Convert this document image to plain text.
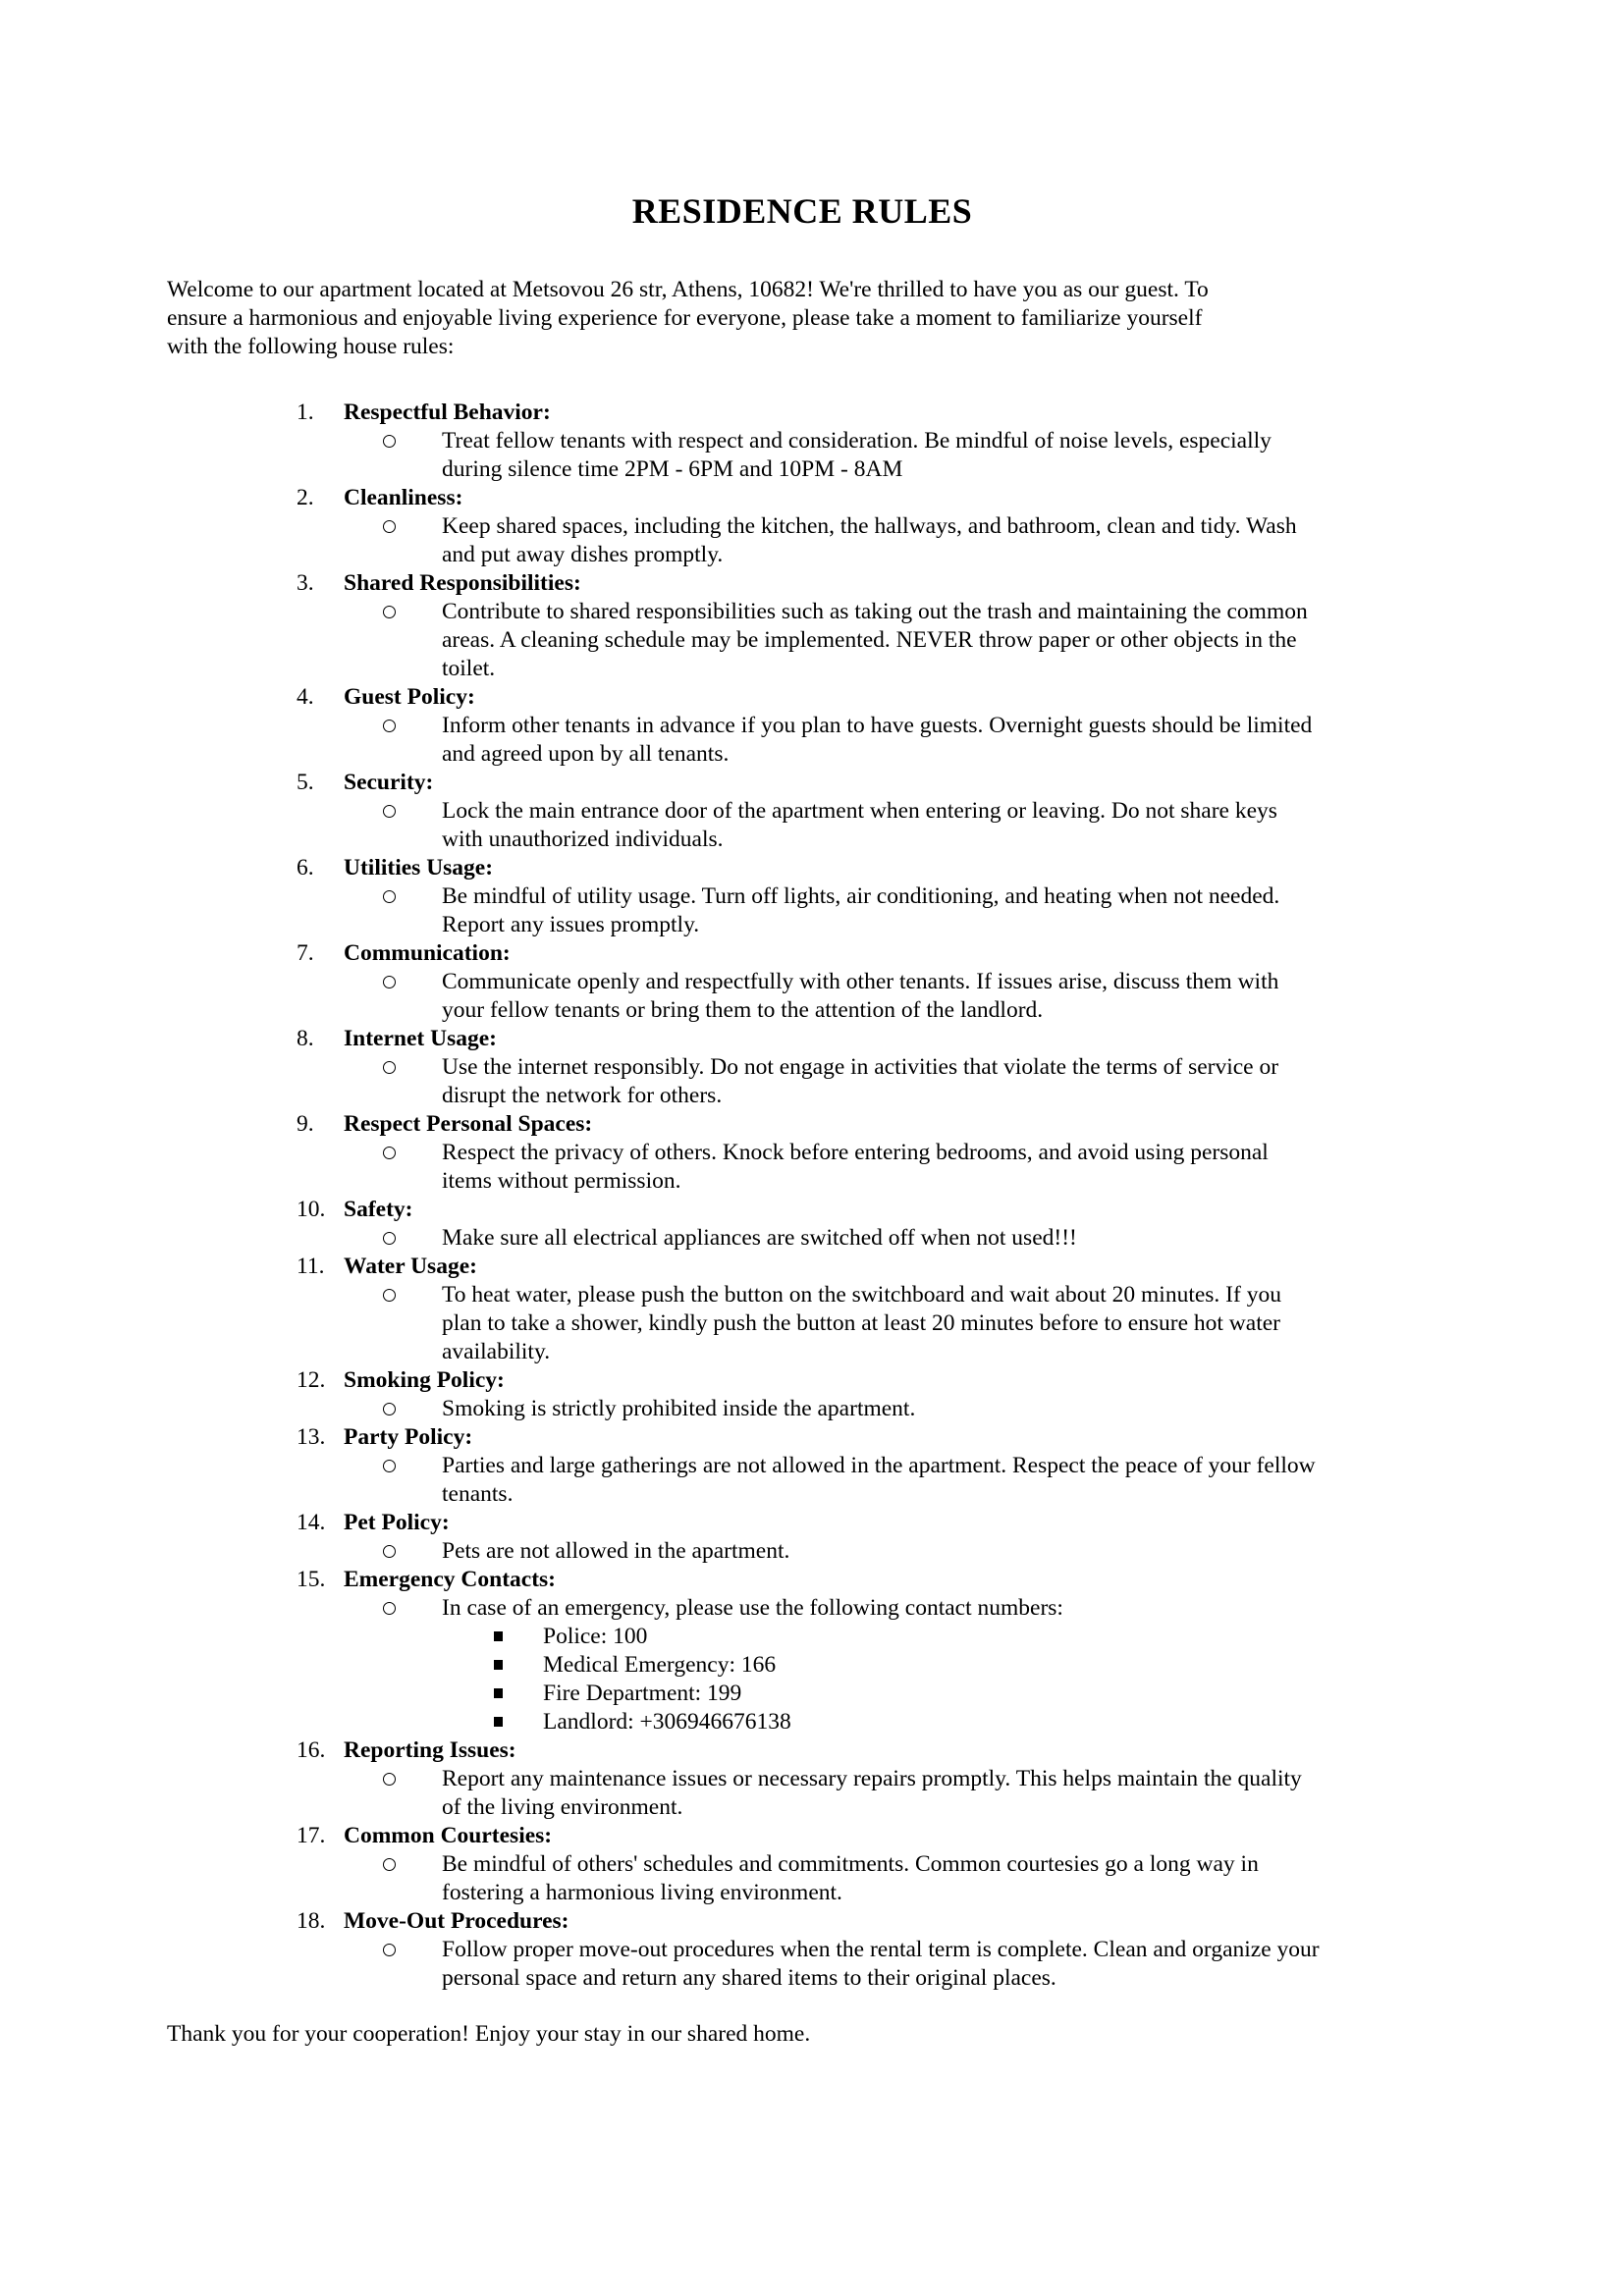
RESIDENCE RULES
Welcome to our apartment located at Metsovou 26 str, Athens, 10682! We're thrilled to have you as our guest. To
ensure a harmonious and enjoyable living experience for everyone, please take a moment to familiarize yourself
with the following house rules:
1. Respectful Behavior:
Treat fellow tenants with respect and consideration. Be mindful of noise levels, especially
during silence time 2PM - 6PM and 10PM - 8AM
2. Cleanliness:
Keep shared spaces, including the kitchen, the hallways, and bathroom, clean and tidy. Wash
and put away dishes promptly.
3. Shared Responsibilities:
Contribute to shared responsibilities such as taking out the trash and maintaining the common
areas. A cleaning schedule may be implemented. NEVER throw paper or other objects in the
toilet.
4. Guest Policy:
Inform other tenants in advance if you plan to have guests. Overnight guests should be limited
and agreed upon by all tenants.
5. Security:
Lock the main entrance door of the apartment when entering or leaving. Do not share keys
with unauthorized individuals.
6. Utilities Usage:
Be mindful of utility usage. Turn off lights, air conditioning, and heating when not needed.
Report any issues promptly.
7. Communication:
Communicate openly and respectfully with other tenants. If issues arise, discuss them with
your fellow tenants or bring them to the attention of the landlord.
8. Internet Usage:
Use the internet responsibly. Do not engage in activities that violate the terms of service or
disrupt the network for others.
9. Respect Personal Spaces:
Respect the privacy of others. Knock before entering bedrooms, and avoid using personal
items without permission.
10. Safety:
Make sure all electrical appliances are switched off when not used!!!
11. Water Usage:
To heat water, please push the button on the switchboard and wait about 20 minutes. If you
plan to take a shower, kindly push the button at least 20 minutes before to ensure hot water
availability.
12. Smoking Policy:
Smoking is strictly prohibited inside the apartment.
13. Party Policy:
Parties and large gatherings are not allowed in the apartment. Respect the peace of your fellow
tenants.
14. Pet Policy:
Pets are not allowed in the apartment.
15. Emergency Contacts:
In case of an emergency, please use the following contact numbers:
Police: 100
Medical Emergency: 166
Fire Department: 199
Landlord: +306946676138
16. Reporting Issues:
Report any maintenance issues or necessary repairs promptly. This helps maintain the quality
of the living environment.
17. Common Courtesies:
Be mindful of others' schedules and commitments. Common courtesies go a long way in
fostering a harmonious living environment.
18. Move-Out Procedures:
Follow proper move-out procedures when the rental term is complete. Clean and organize your
personal space and return any shared items to their original places.
Thank you for your cooperation! Enjoy your stay in our shared home.
